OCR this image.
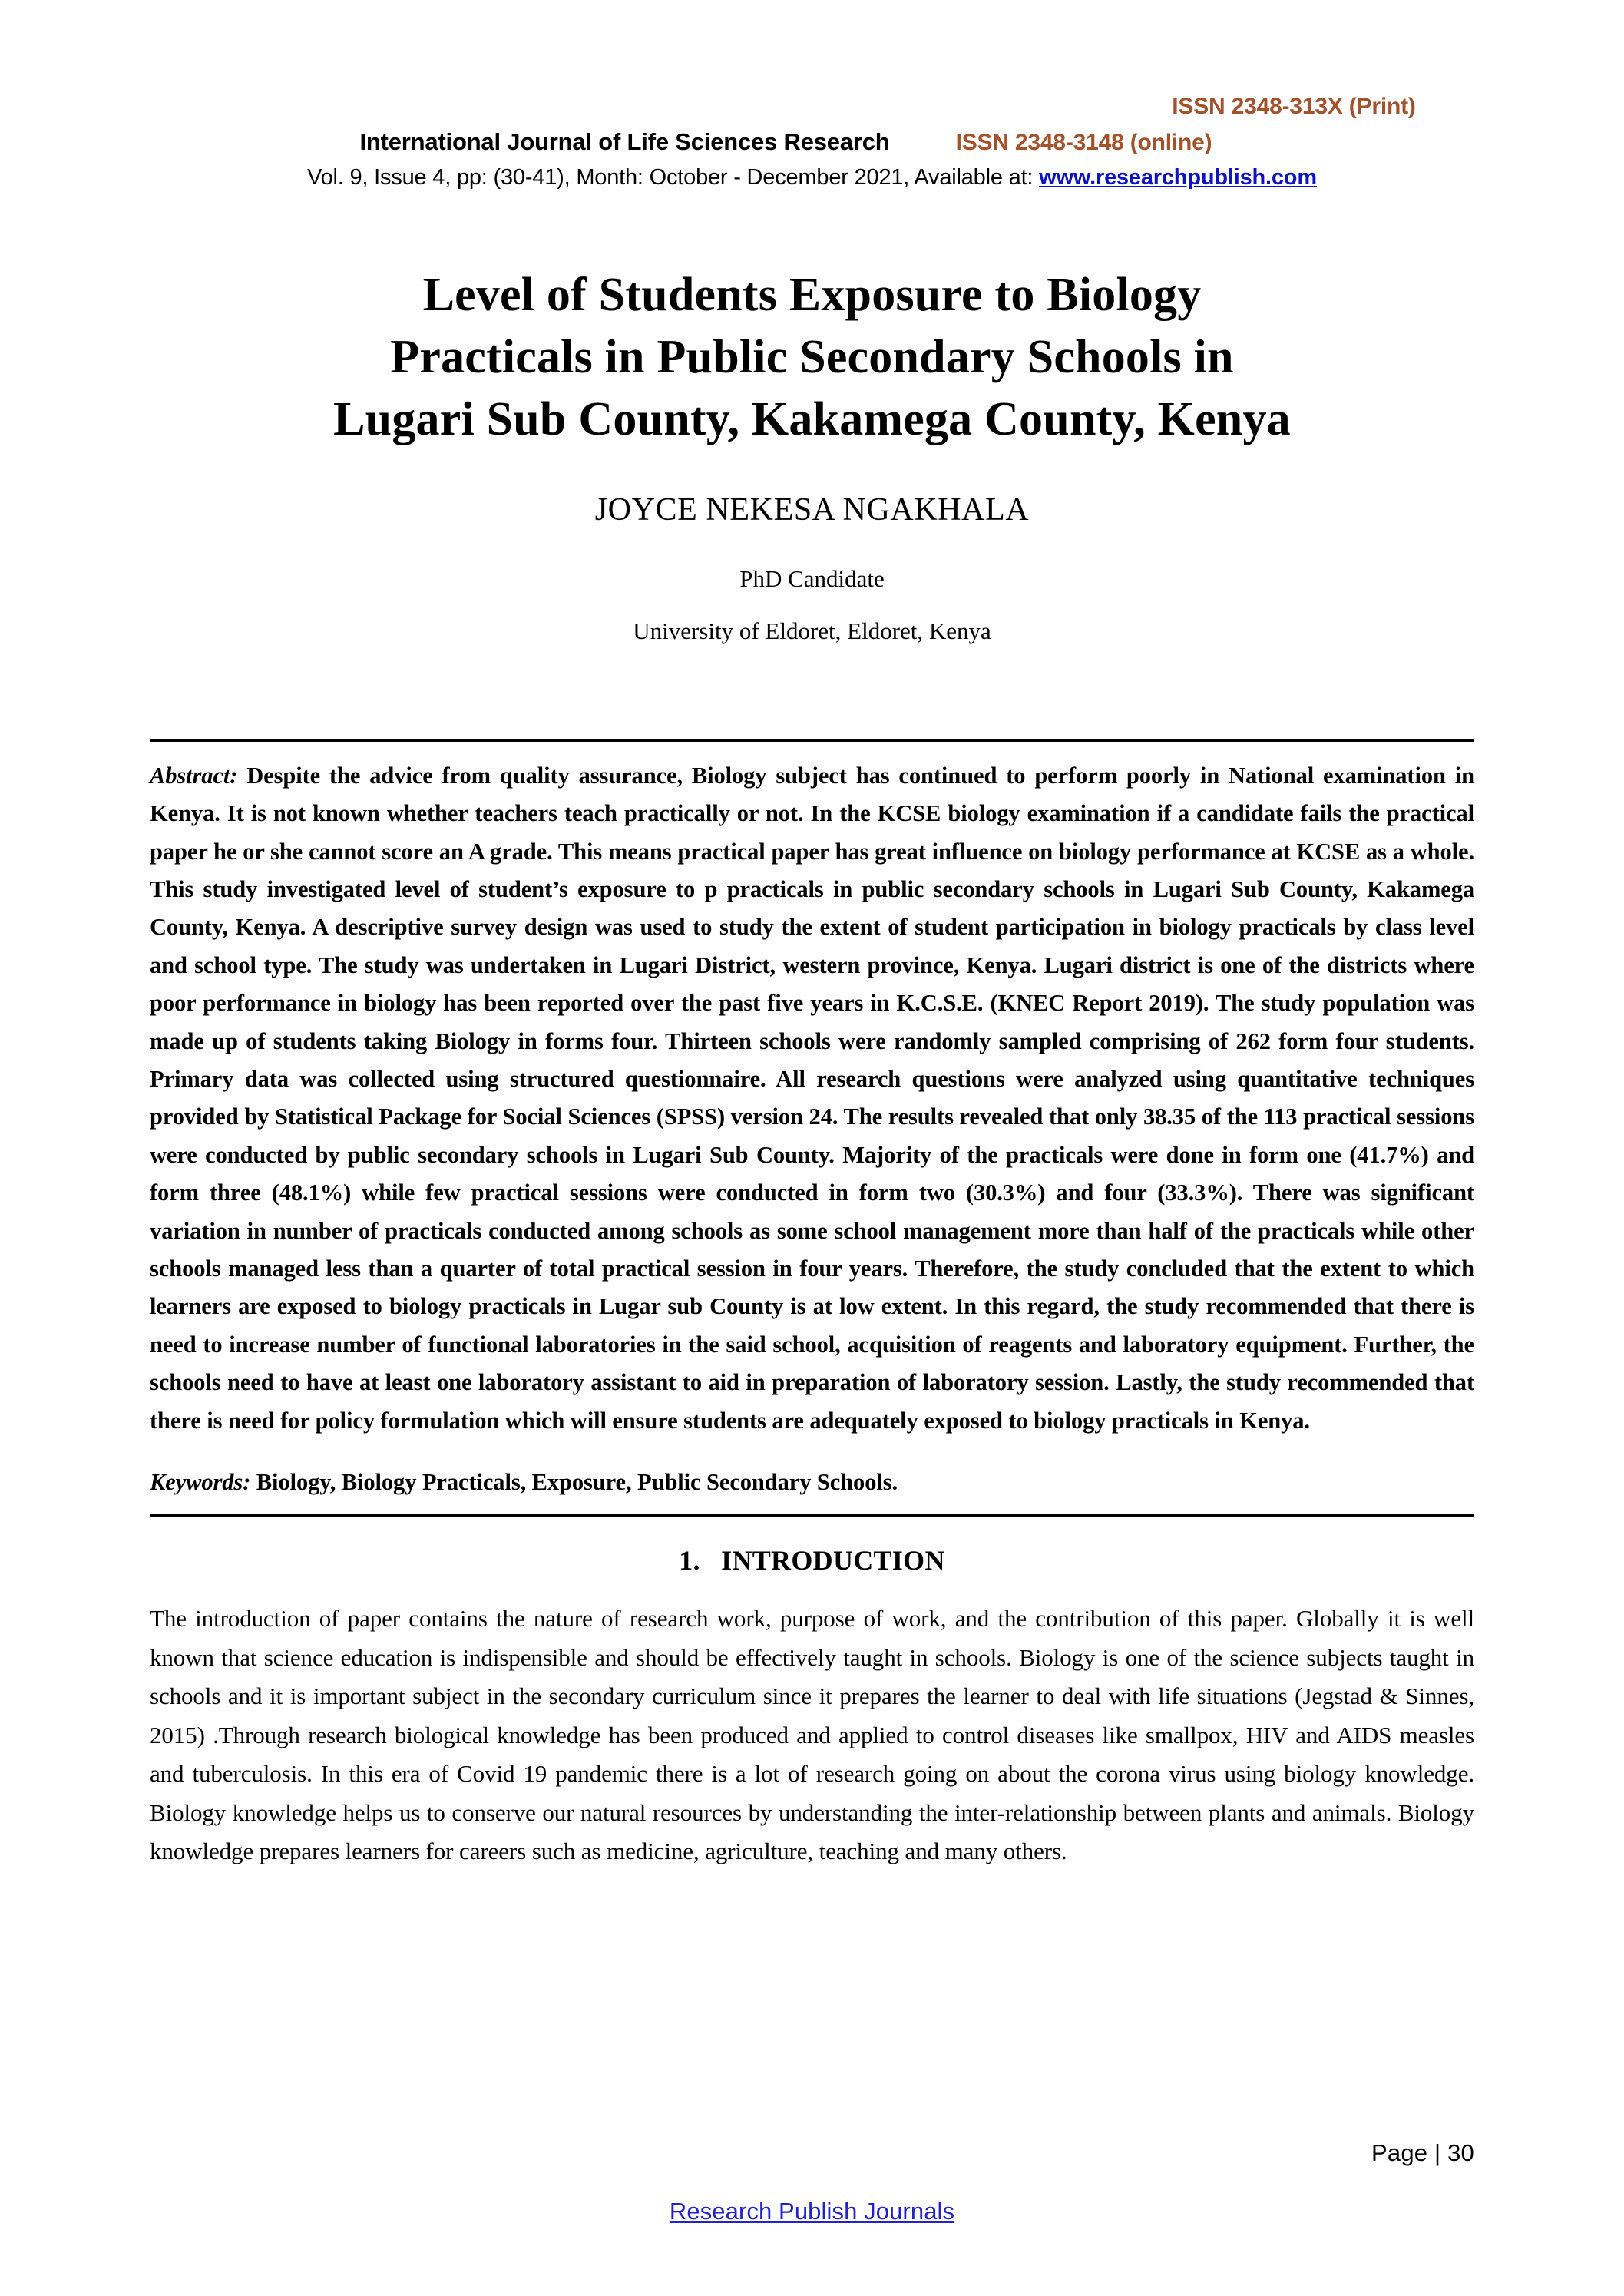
ISSN 2348-313X (Print)
International Journal of Life Sciences Research	ISSN 2348-3148 (online)
Vol. 9, Issue 4, pp: (30-41), Month: October - December 2021, Available at: www.researchpublish.com
Level of Students Exposure to Biology
Practicals in Public Secondary Schools in
Lugari Sub County, Kakamega County, Kenya
JOYCE NEKESA NGAKHALA
PhD Candidate
University of Eldoret, Eldoret, Kenya

Abstract: Despite the advice from quality assurance, Biology subject has continued to perform poorly in National examination in Kenya. It is not known whether teachers teach practically or not. In the KCSE biology examination if a candidate fails the practical paper he or she cannot score an A grade. This means practical paper has great influence on biology performance at KCSE as a whole. This study investigated level of student’s exposure to p practicals in public secondary schools in Lugari Sub County, Kakamega County, Kenya. A descriptive survey design was used to study the extent of student participation in biology practicals by class level and school type. The study was undertaken in Lugari District, western province, Kenya. Lugari district is one of the districts where poor performance in biology has been reported over the past five years in K.C.S.E. (KNEC Report 2019). The study population was made up of students taking Biology in forms four. Thirteen schools were randomly sampled comprising of 262 form four students. Primary data was collected using structured questionnaire. All research questions were analyzed using quantitative techniques provided by Statistical Package for Social Sciences (SPSS) version 24. The results revealed that only 38.35 of the 113 practical sessions were conducted by public secondary schools in Lugari Sub County. Majority of the practicals were done in form one (41.7%) and form three (48.1%) while few practical sessions were conducted in form two (30.3%) and four (33.3%). There was significant variation in number of practicals conducted among schools as some school management more than half of the practicals while other schools managed less than a quarter of total practical session in four years. Therefore, the study concluded that the extent to which learners are exposed to biology practicals in Lugar sub County is at low extent. In this regard, the study recommended that there is need to increase number of functional laboratories in the said school, acquisition of reagents and laboratory equipment. Further, the schools need to have at least one laboratory assistant to aid in preparation of laboratory session. Lastly, the study recommended that there is need for policy formulation which will ensure students are adequately exposed to biology practicals in Kenya.

Keywords: Biology, Biology Practicals, Exposure, Public Secondary Schools.

1. INTRODUCTION

The introduction of paper contains the nature of research work, purpose of work, and the contribution of this paper. Globally it is well known that science education is indispensible and should be effectively taught in schools. Biology is one of the science subjects taught in schools and it is important subject in the secondary curriculum since it prepares the learner to deal with life situations (Jegstad & Sinnes, 2015) .Through research biological knowledge has been produced and applied to control diseases like smallpox, HIV and AIDS measles and tuberculosis. In this era of Covid 19 pandemic there is a lot of research going on about the corona virus using biology knowledge. Biology knowledge helps us to conserve our natural resources by understanding the inter-relationship between plants and animals. Biology knowledge prepares learners for careers such as medicine, agriculture, teaching and many others.

Page | 30
Research Publish Journals
